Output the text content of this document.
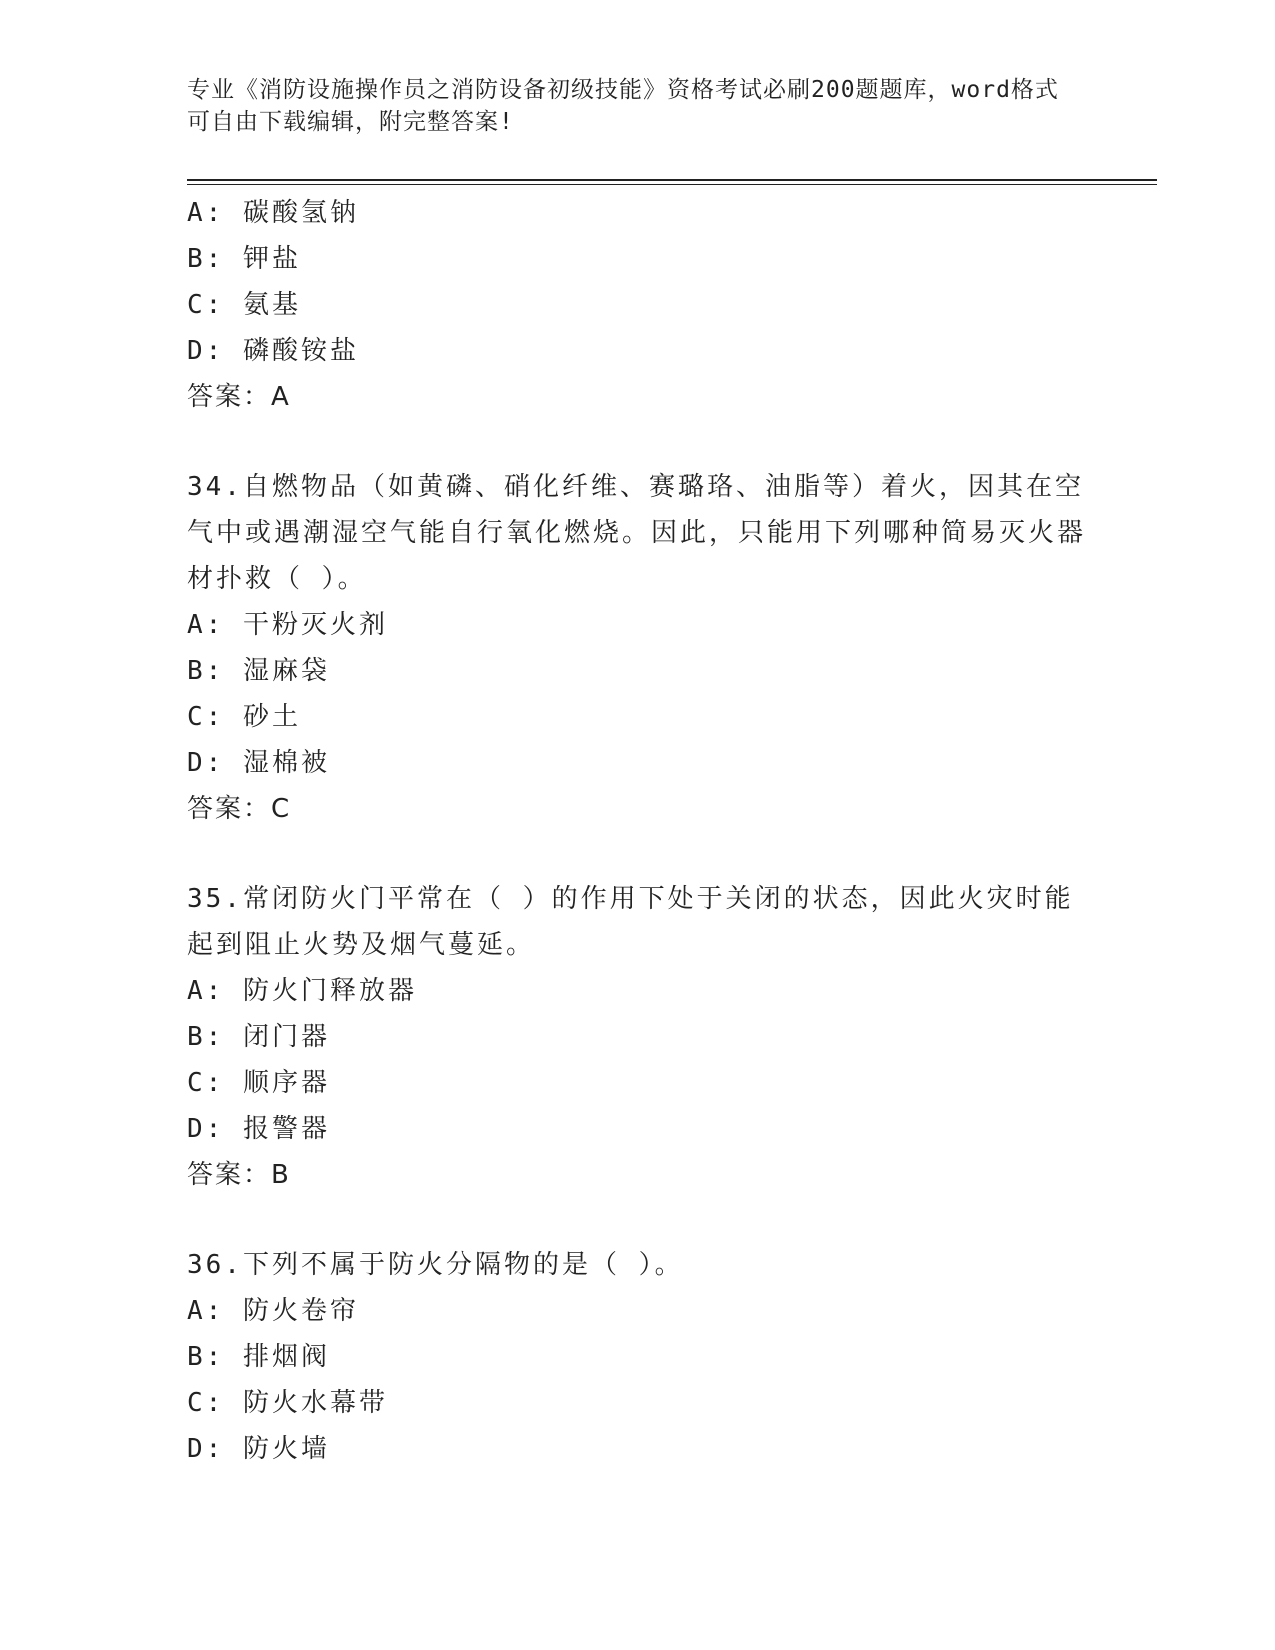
专业《消防设施操作员之消防设备初级技能》资格考试必刷200题题库，word格式可自由下载编辑，附完整答案!
A: 碳酸氢钠
B: 钾盐
C: 氨基
D: 磷酸铵盐
答案：A
34.自燃物品（如黄磷、硝化纤维、赛璐珞、油脂等）着火，因其在空气中或遇潮湿空气能自行氧化燃烧。因此，只能用下列哪种简易灭火器材扑救（ ）。
A: 干粉灭火剂
B: 湿麻袋
C: 砂土
D: 湿棉被
答案：C
35.常闭防火门平常在（ ）的作用下处于关闭的状态，因此火灾时能起到阻止火势及烟气蔓延。
A: 防火门释放器
B: 闭门器
C: 顺序器
D: 报警器
答案：B
36.下列不属于防火分隔物的是（ ）。
A: 防火卷帘
B: 排烟阀
C: 防火水幕带
D: 防火墙
